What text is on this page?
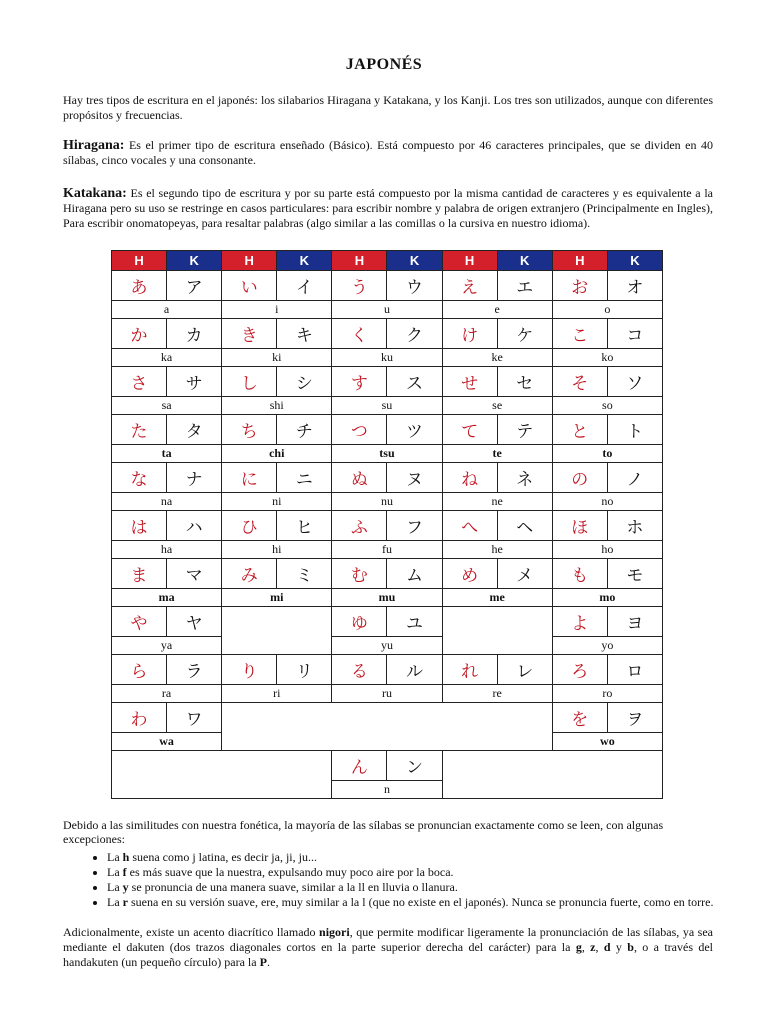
JAPONÉS
Hay tres tipos de escritura en el japonés: los silabarios Hiragana y Katakana, y los Kanji. Los tres son utilizados, aunque con diferentes propósitos y frecuencias.
Hiragana: Es el primer tipo de escritura enseñado (Básico). Está compuesto por 46 caracteres principales, que se dividen en 40 sílabas, cinco vocales y una consonante.
Katakana: Es el segundo tipo de escritura y por su parte está compuesto por la misma cantidad de caracteres y es equivalente a la Hiragana pero su uso se restringe en casos particulares: para escribir nombre y palabra de origen extranjero (Principalmente en Ingles), Para escribir onomatopeyas, para resaltar palabras (algo similar a las comillas o la cursiva en nuestro idioma).
H	K	H	K	H	K	H	K	H	K
あ	ア	い	イ	う	ウ	え	エ	お	オ
a		i		u		e		o	
か	カ	き	キ	く	ク	け	ケ	こ	コ
ka		ki		ku		ke		ko	
さ	サ	し	シ	す	ス	せ	セ	そ	ソ
sa		shi		su		se		so	
た	タ	ち	チ	つ	ツ	て	テ	と	ト
ta		chi		tsu		te		to	
な	ナ	に	ニ	ぬ	ヌ	ね	ネ	の	ノ
na		ni		nu		ne		no	
は	ハ	ひ	ヒ	ふ	フ	へ	ヘ	ほ	ホ
ha		hi		fu		he		ho	
ま	マ	み	ミ	む	ム	め	メ	も	モ
ma		mi		mu		me		mo	
や	ヤ			ゆ	ユ			よ	ヨ
ya				yu				yo	
ら	ラ	り	リ	る	ル	れ	レ	ろ	ロ
ra		ri		ru		re		ro	
わ	ワ							を	ヲ
wa								wo	
				ん	ン				
				n					
Debido a las similitudes con nuestra fonética, la mayoría de las sílabas se pronuncian exactamente como se leen, con algunas excepciones:
• La h suena como j latina, es decir ja, ji, ju...
• La f es más suave que la nuestra, expulsando muy poco aire por la boca.
• La y se pronuncia de una manera suave, similar a la ll en lluvia o llanura.
• La r suena en su versión suave, ere, muy similar a la l (que no existe en el japonés). Nunca se pronuncia fuerte, como en torre.
Adicionalmente, existe un acento diacrítico llamado nigori, que permite modificar ligeramente la pronunciación de las sílabas, ya sea mediante el dakuten (dos trazos diagonales cortos en la parte superior derecha del carácter) para la g, z, d y b, o a través del handakuten (un pequeño círculo) para la P.
